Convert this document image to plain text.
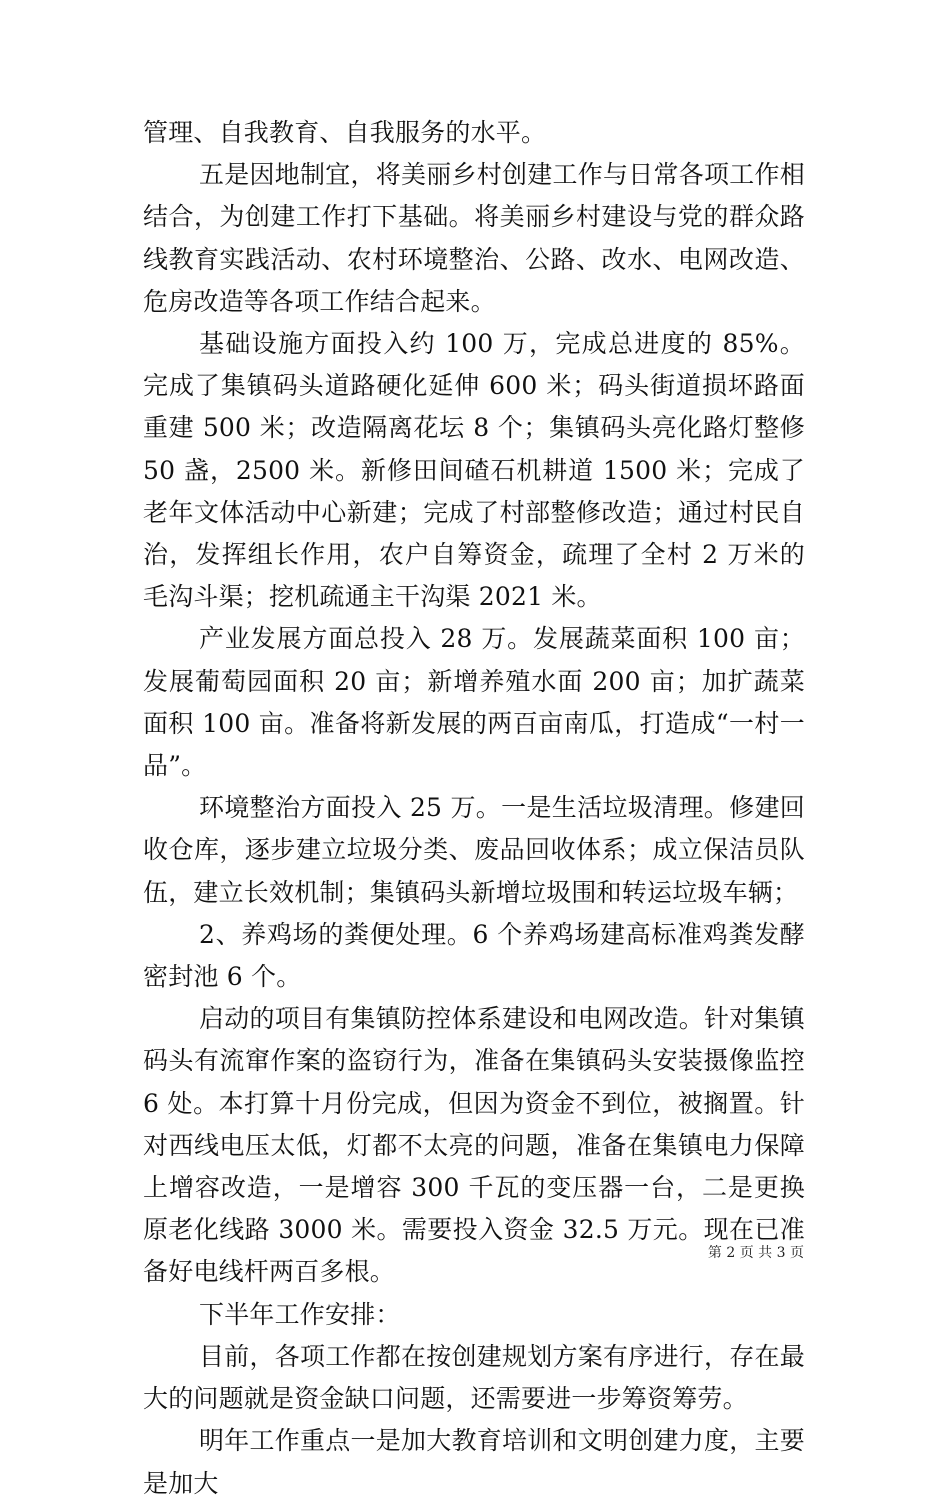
管理、自我教育、自我服务的水平。

五是因地制宜，将美丽乡村创建工作与日常各项工作相结合，为创建工作打下基础。将美丽乡村建设与党的群众路线教育实践活动、农村环境整治、公路、改水、电网改造、危房改造等各项工作结合起来。

基础设施方面投入约 100 万，完成总进度的 85%。完成了集镇码头道路硬化延伸 600 米；码头街道损坏路面重建 500 米；改造隔离花坛 8 个；集镇码头亮化路灯整修 50 盏，2500 米。新修田间碴石机耕道 1500 米；完成了老年文体活动中心新建；完成了村部整修改造；通过村民自治，发挥组长作用，农户自筹资金，疏理了全村 2 万米的毛沟斗渠；挖机疏通主干沟渠 2021 米。

产业发展方面总投入 28 万。发展蔬菜面积 100 亩；发展葡萄园面积 20 亩；新增养殖水面 200 亩；加扩蔬菜面积 100 亩。准备将新发展的两百亩南瓜，打造成“一村一品”。

环境整治方面投入 25 万。一是生活垃圾清理。修建回收仓库，逐步建立垃圾分类、废品回收体系；成立保洁员队伍，建立长效机制；集镇码头新增垃圾围和转运垃圾车辆；

2、养鸡场的粪便处理。6 个养鸡场建高标准鸡粪发酵密封池 6 个。

启动的项目有集镇防控体系建设和电网改造。针对集镇码头有流窜作案的盗窃行为，准备在集镇码头安装摄像监控 6 处。本打算十月份完成，但因为资金不到位，被搁置。针对西线电压太低，灯都不太亮的问题，准备在集镇电力保障上增容改造，一是增容 300 千瓦的变压器一台，二是更换原老化线路 3000 米。需要投入资金 32.5 万元。现在已准备好电线杆两百多根。

下半年工作安排：

目前，各项工作都在按创建规划方案有序进行，存在最大的问题就是资金缺口问题，还需要进一步筹资筹劳。

明年工作重点一是加大教育培训和文明创建力度，主要是加大

第 2 页 共 3 页
